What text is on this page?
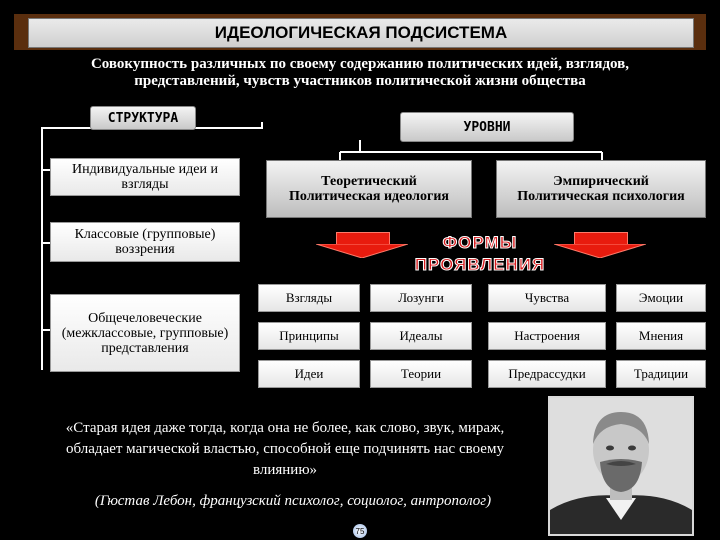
ИДЕОЛОГИЧЕСКАЯ ПОДСИСТЕМА
Совокупность различных по своему содержанию политических идей, взглядов,
представлений, чувств участников политической жизни общества
СТРУКТУРА
Индивидуальные идеи и взгляды
Классовые (групповые) воззрения
Общечеловеческие (межклассовые, групповые) представления
УРОВНИ
Теоретический
Политическая идеология
Эмпирический
Политическая психология
ФОРМЫ
ПРОЯВЛЕНИЯ
Взгляды	Лозунги	Чувства	Эмоции
Принципы	Идеалы	Настроения	Мнения
Идеи	Теории	Предрассудки	Традиции
«Старая идея даже тогда, когда она не более, как слово, звук, мираж, обладает магической властью, способной еще подчинять нас своему влиянию»
(Гюстав Лебон, французский психолог, социолог, антрополог)
75
